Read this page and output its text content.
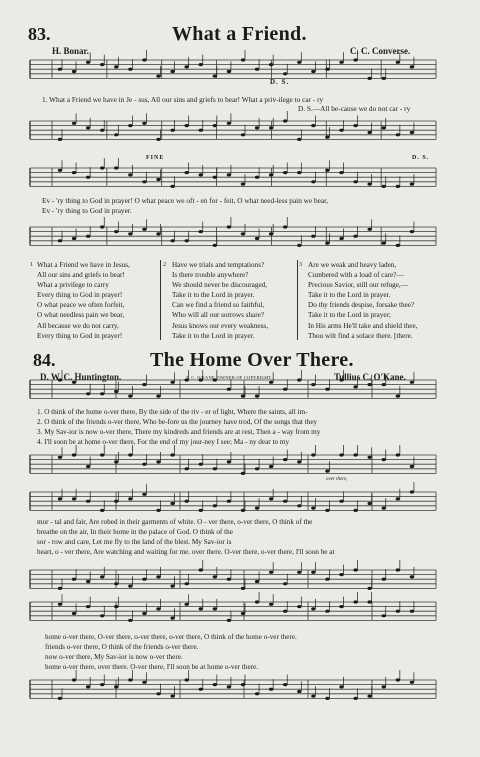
83.	What a Friend.
H. Bonar.	C. C. Converse.
1. What a Friend we have in Je - sus, All our sins and griefs to bear! What a priv-ilege to car - ry
D. S.
D. S.—All be-cause we do not car - ry
FINE	D. S.
Ev - 'ry thing to God in prayer! O what peace we oft - en for - feit, O what need-less pain we bear,
Ev - 'ry thing to God in prayer.
1 What a Friend we have in Jesus,
All our sins and griefs to bear!
What a privilege to carry
Every thing to God in prayer!
O what peace we often forfeit,
O what needless pain we bear,
All because we do not carry,
Every thing to God in prayer!
2 Have we trials and temptations?
Is there trouble anywhere?
We should never be discouraged,
Take it to the Lord in prayer.
Can we find a friend so faithful,
Who will all our sorrows share?
Jesus knows our every weakness,
Take it to the Lord in prayer.
3 Are we weak and heavy laden,
Cumbered with a load of care?—
Precious Savior, still our refuge,—
Take it to the Lord in prayer.
Do thy friends despise, forsake thee?
Take it to the Lord in prayer;
In His arms He'll take and shield thee,
Thou wilt find a solace there. [there.
84.	The Home Over There.
D. W. C. Huntington.	Tullius C. O'Kane.
T. C. O'KANE, OWNER OF COPYRIGHT.
1. O think of the home o-ver there, By the side of the riv - er of light, Where the saints, all im-
2. O think of the friends o-ver there, Who be-fore us the journey have trod, Of the songs that they
3. My Sav-ior is now o-ver there, There my kindreds and friends are at rest, Then a - way from my
4. I'll soon be at home o-ver there, For the end of my jour-ney I see; Ma - ny dear to my
over there,
mor - tal and fair, Are robed in their garments of white. O - ver there, o-ver there, O think of the
breathe on the air, In their home in the palace of God. O think of the
sor - row and care, Let me fly to the land of the blest. My Sav-ior is
heart, o - ver there, Are watching and waiting for me. over there. O-ver there, o-ver there, I'll soon be at
home o-ver there, O-ver there, o-ver there, o-ver there, O think of the home o-ver there.
friends o-ver there, O think of the friends o-ver there.
now o-ver there, My Sav-ior is now o-ver there.
home o-ver there, over there. O-ver there, I'll soon be at home o-ver there.
